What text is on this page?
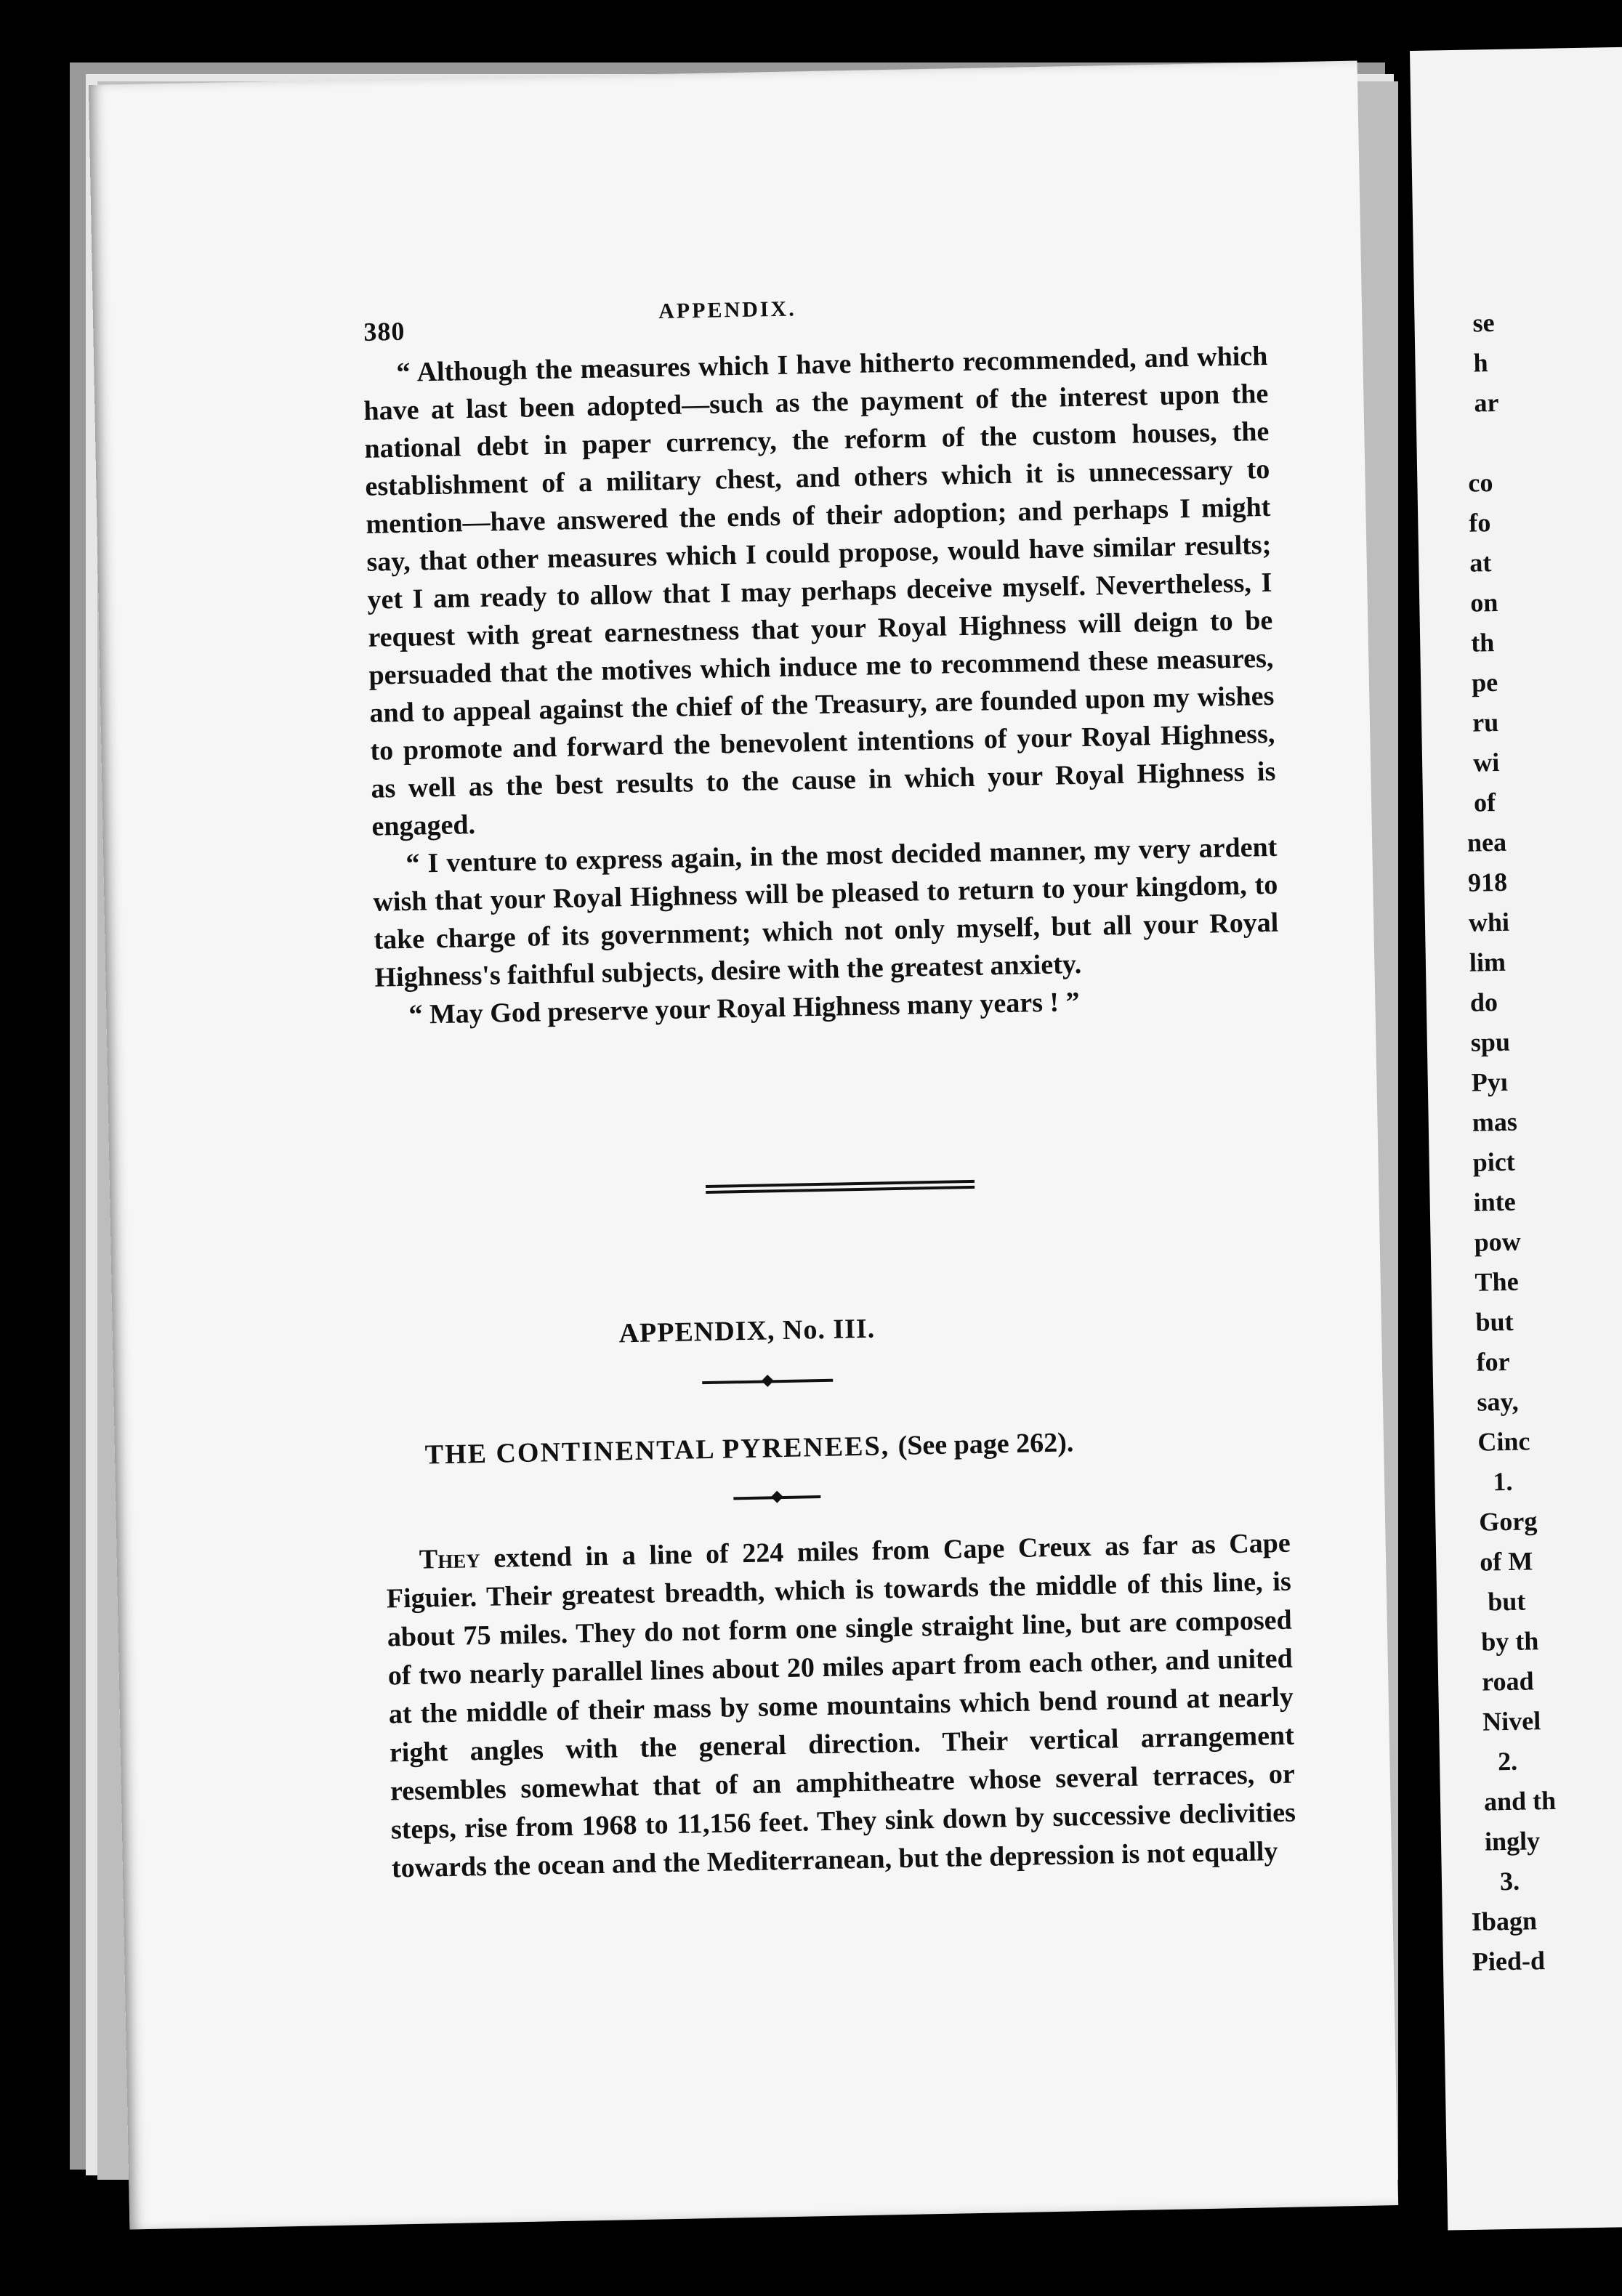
380
APPENDIX.

“ Although the measures which I have hitherto recommended, and which have at last been adopted—such as the payment of the interest upon the national debt in paper currency, the reform of the custom houses, the establishment of a military chest, and others which it is unnecessary to mention—have answered the ends of their adoption; and perhaps I might say, that other measures which I could propose, would have similar results; yet I am ready to allow that I may perhaps deceive myself. Nevertheless, I request with great earnestness that your Royal Highness will deign to be persuaded that the motives which induce me to recommend these measures, and to appeal against the chief of the Treasury, are founded upon my wishes to promote and forward the benevolent intentions of your Royal Highness, as well as the best results to the cause in which your Royal Highness is engaged.

“ I venture to express again, in the most decided manner, my very ardent wish that your Royal Highness will be pleased to return to your kingdom, to take charge of its government; which not only myself, but all your Royal Highness's faithful subjects, desire with the greatest anxiety.

“ May God preserve your Royal Highness many years ! ”

APPENDIX, No. III.
THE CONTINENTAL PYRENEES, (See page 262).

They extend in a line of 224 miles from Cape Creux as far as Cape Figuier. Their greatest breadth, which is towards the middle of this line, is about 75 miles. They do not form one single straight line, but are composed of two nearly parallel lines about 20 miles apart from each other, and united at the middle of their mass by some mountains which bend round at nearly right angles with the general direction. Their vertical arrangement resembles somewhat that of an amphitheatre whose several terraces, or steps, rise from 1968 to 11,156 feet. They sink down by successive declivities towards the ocean and the Mediterranean, but the depression is not equally

se
h
ar
co
fo
at
on
th
pe
ru
wi
of
nea
918
whi
lim
do
spu
Pyı
mas
pict
inte
pow
The
but
for
say,
Cinc
1.
Gorg
of M
but
by th
road
Nivel
2.
and th
ingly
3.
Ibagn
Pied-d
